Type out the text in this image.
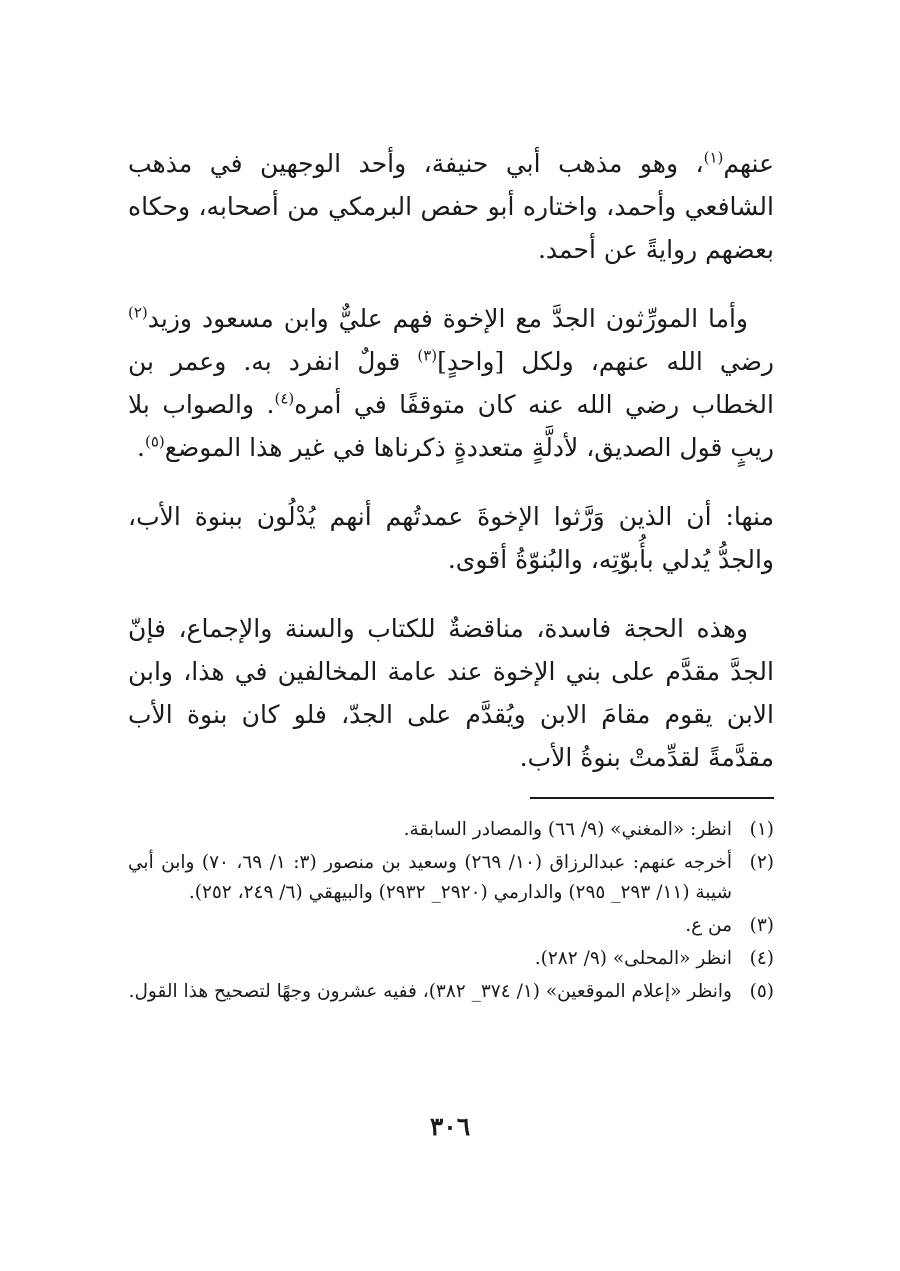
عنهم$^{(١)}$، وهو مذهب أبي حنيفة، وأحد الوجهين في مذهب الشافعي وأحمد، واختاره أبو حفص البرمكي من أصحابه، وحكاه بعضهم روايةً عن أحمد.

وأما المورِّثون الجدَّ مع الإخوة فهم عليٌّ وابن مسعود وزيد$^{(٢)}$ رضي الله عنهم، ولكل [واحدٍ]$^{(٣)}$ قولٌ انفرد به. وعمر بن الخطاب رضي الله عنه كان متوقفًا في أمره$^{(٤)}$. والصواب بلا ريبٍ قول الصديق، لأدلَّةٍ متعددةٍ ذكرناها في غير هذا الموضع$^{(٥)}$.

منها: أن الذين وَرَّثوا الإخوةَ عمدتُهم أنهم يُدْلُون ببنوة الأب، والجدُّ يُدلي بأُبوّتِه، والبُنوّةُ أقوى.

وهذه الحجة فاسدة، مناقضةٌ للكتاب والسنة والإجماع، فإنّ الجدَّ مقدَّم على بني الإخوة عند عامة المخالفين في هذا، وابن الابن يقوم مقامَ الابن ويُقدَّم على الجدّ، فلو كان بنوة الأب مقدَّمةً لقدِّمتْ بنوةُ الأب.

(١)
انظر: «المغني» (٩/ ٦٦) والمصادر السابقة.
(٢)
أخرجه عنهم: عبدالرزاق (١٠/ ٢٦٩) وسعيد بن منصور (٣: ١/ ٦٩، ٧٠) وابن أبي شيبة (١١/ ٢٩٣_ ٢٩٥) والدارمي (٢٩٢٠_ ٢٩٣٢) والبيهقي (٦/ ٢٤٩، ٢٥٢).
(٣)
من ع.
(٤)
انظر «المحلى» (٩/ ٢٨٢).
(٥)
وانظر «إعلام الموقعين» (١/ ٣٧٤_ ٣٨٢)، ففيه عشرون وجهًا لتصحيح هذا القول.
٣٠٦
